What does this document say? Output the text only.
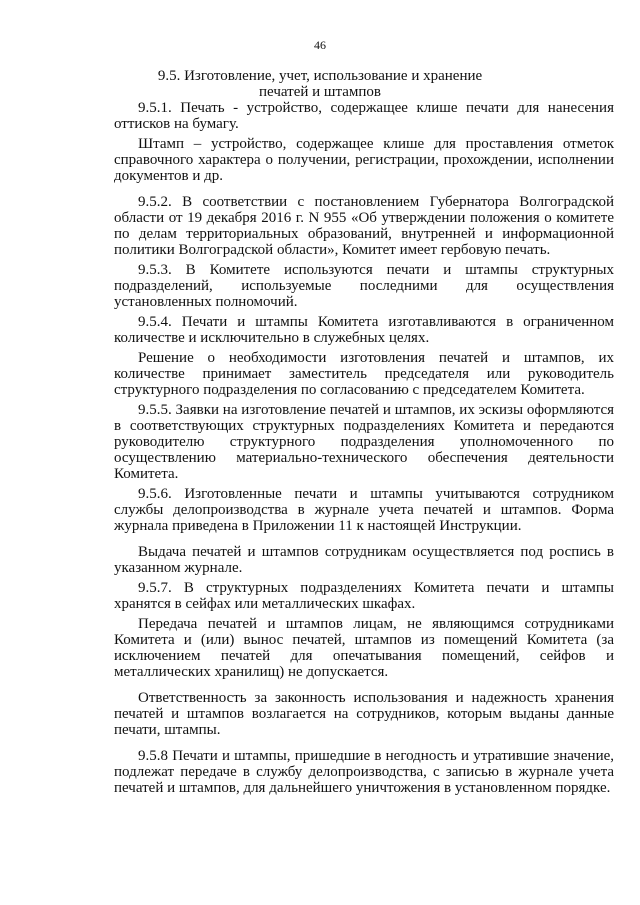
46
9.5. Изготовление, учет, использование и хранение
печатей и штампов

9.5.1. Печать - устройство, содержащее клише печати для нанесения оттисков на бумагу.

Штамп – устройство, содержащее клише для проставления отметок справочного характера о получении, регистрации, прохождении, исполнении документов и др.

9.5.2. В соответствии с постановлением Губернатора Волгоградской области от 19 декабря 2016 г. N 955 «Об утверждении положения о комитете по делам территориальных образований, внутренней и информационной политики Волгоградской области», Комитет имеет гербовую печать.

9.5.3. В Комитете используются печати и штампы структурных подразделений, используемые последними для осуществления установленных полномочий.

9.5.4. Печати и штампы Комитета изготавливаются в ограниченном количестве и исключительно в служебных целях.

Решение о необходимости изготовления печатей и штампов, их количестве принимает заместитель председателя или руководитель структурного подразделения по согласованию с председателем Комитета.

9.5.5. Заявки на изготовление печатей и штампов, их эскизы оформляются в соответствующих структурных подразделениях Комитета и передаются руководителю структурного подразделения уполномоченного по осуществлению материально-технического обеспечения деятельности Комитета.

9.5.6. Изготовленные печати и штампы учитываются сотрудником службы делопроизводства в журнале учета печатей и штампов. Форма журнала приведена в Приложении 11 к настоящей Инструкции.

Выдача печатей и штампов сотрудникам осуществляется под роспись в указанном журнале.

9.5.7. В структурных подразделениях Комитета печати и штампы хранятся в сейфах или металлических шкафах.

Передача печатей и штампов лицам, не являющимся сотрудниками Комитета и (или) вынос печатей, штампов из помещений Комитета (за исключением печатей для опечатывания помещений, сейфов и металлических хранилищ) не допускается.

Ответственность за законность использования и надежность хранения печатей и штампов возлагается на сотрудников, которым выданы данные печати, штампы.

9.5.8 Печати и штампы, пришедшие в негодность и утратившие значение, подлежат передаче в службу делопроизводства, с записью в журнале учета печатей и штампов, для дальнейшего уничтожения в установленном порядке.
